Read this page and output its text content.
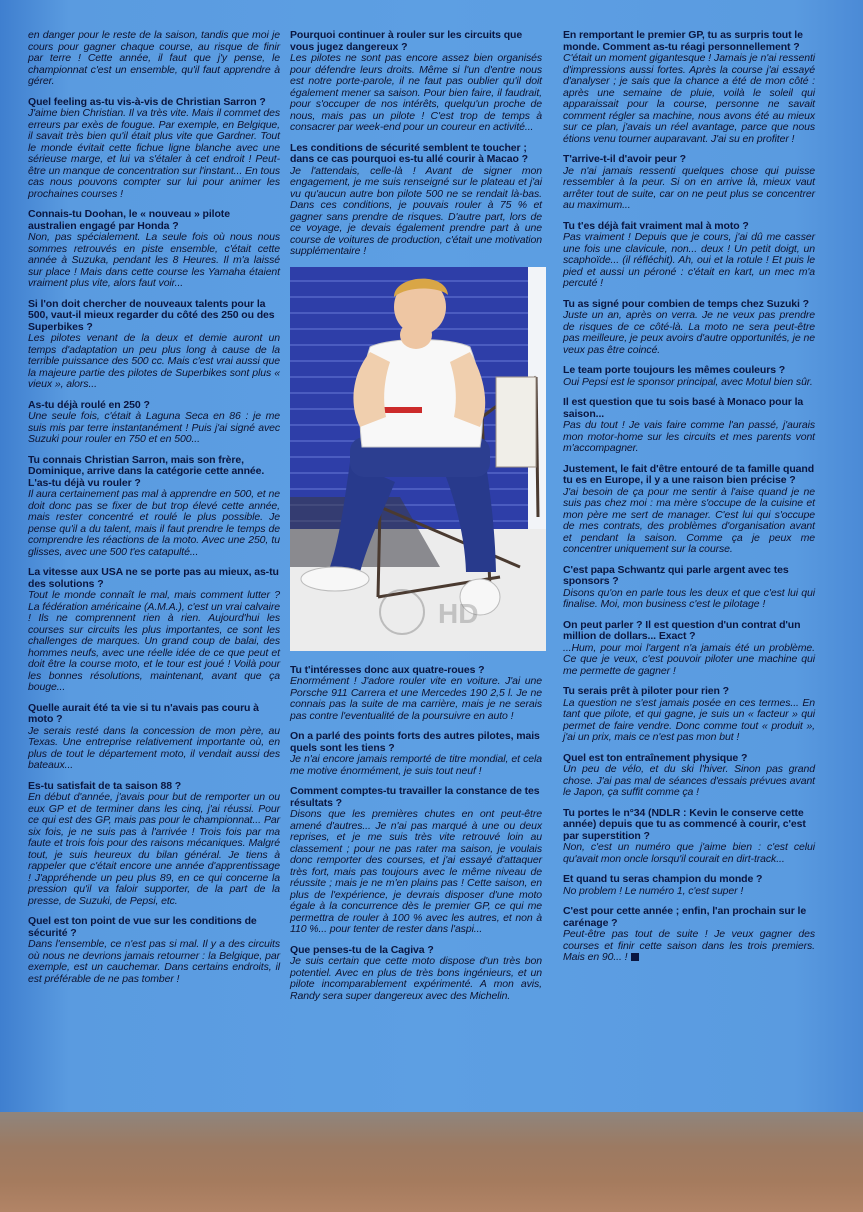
en danger pour le reste de la saison, tandis que moi je cours pour gagner chaque course, au risque de finir par terre ! Cette année, il faut que j'y pense, le championnat c'est un ensemble, qu'il faut apprendre à gérer.

Quel feeling as-tu vis-à-vis de Christian Sarron ?

J'aime bien Christian. Il va très vite. Mais il commet des erreurs par exès de fougue. Par exemple, en Belgique, il savait très bien qu'il était plus vite que Gardner. Tout le monde évitait cette fichue ligne blanche avec une sérieuse marge, et lui va s'étaler à cet endroit ! Peut-être un manque de concentration sur l'instant... En tous cas nous pouvons compter sur lui pour animer les prochaines courses !

Connais-tu Doohan, le « nouveau » pilote australien engagé par Honda ?

Non, pas spécialement. La seule fois où nous nous sommes retrouvés en piste ensemble, c'était cette année à Suzuka, pendant les 8 Heures. Il m'a laissé sur place ! Mais dans cette course les Yamaha étaient vraiment plus vite, alors faut voir...

Si l'on doit chercher de nouveaux talents pour la 500, vaut-il mieux regarder du côté des 250 ou des Superbikes ?

Les pilotes venant de la deux et demie auront un temps d'adaptation un peu plus long à cause de la terrible puissance des 500 cc. Mais c'est vrai aussi que la majeure partie des pilotes de Superbikes sont plus « vieux », alors...

As-tu déjà roulé en 250 ?

Une seule fois, c'était à Laguna Seca en 86 : je me suis mis par terre instantanément ! Puis j'ai signé avec Suzuki pour rouler en 750 et en 500...

Tu connais Christian Sarron, mais son frère, Dominique, arrive dans la catégorie cette année. L'as-tu déjà vu rouler ?

Il aura certainement pas mal à apprendre en 500, et ne doit donc pas se fixer de but trop élevé cette année, mais rester concentré et roulé le plus possible. Je pense qu'il a du talent, mais il faut prendre le temps de comprendre les réactions de la moto. Avec une 250, tu glisses, avec une 500 t'es catapulté...

La vitesse aux USA ne se porte pas au mieux, as-tu des solutions ?

Tout le monde connaît le mal, mais comment lutter ? La fédération américaine (A.M.A.), c'est un vrai calvaire ! Ils ne comprennent rien à rien. Aujourd'hui les courses sur circuits les plus importantes, ce sont les challenges de marques. Un grand coup de balai, des hommes neufs, avec une réelle idée de ce que peut et doit être la course moto, et le tour est joué ! Voilà pour les bonnes résolutions, maintenant, avant que ça bouge...

Quelle aurait été ta vie si tu n'avais pas couru à moto ?

Je serais resté dans la concession de mon père, au Texas. Une entreprise relativement importante où, en plus de tout le département moto, il vendait aussi des bateaux...

Es-tu satisfait de ta saison 88 ?

En début d'année, j'avais pour but de remporter un ou eux GP et de terminer dans les cinq, j'ai réussi. Pour ce qui est des GP, mais pas pour le championnat... Par six fois, je ne suis pas à l'arrivée ! Trois fois par ma faute et trois fois pour des raisons mécaniques. Malgré tout, je suis heureux du bilan général. Je tiens à rappeler que c'était encore une année d'apprentissage ! J'appréhende un peu plus 89, en ce qui concerne la pression qu'il va faloir supporter, de la part de la presse, de Suzuki, de Pepsi, etc.

Quel est ton point de vue sur les conditions de sécurité ?

Dans l'ensemble, ce n'est pas si mal. Il y a des circuits où nous ne devrions jamais retourner : la Belgique, par exemple, est un cauchemar. Dans certains endroits, il est préférable de ne pas tomber !

Pourquoi continuer à rouler sur les circuits que vous jugez dangereux ?

Les pilotes ne sont pas encore assez bien organisés pour défendre leurs droits. Même si l'un d'entre nous est notre porte-parole, il ne faut pas oublier qu'il doit également mener sa saison. Pour bien faire, il faudrait, pour s'occuper de nos intérêts, quelqu'un proche de nous, mais pas un pilote ! C'est trop de temps à consacrer par week-end pour un coureur en activité...

Les conditions de sécurité semblent te toucher ; dans ce cas pourquoi es-tu allé courir à Macao ?

Je l'attendais, celle-là ! Avant de signer mon engagement, je me suis renseigné sur le plateau et j'ai vu qu'aucun autre bon pilote 500 ne se rendait là-bas. Dans ces conditions, je pouvais rouler à 75 % et gagner sans prendre de risques. D'autre part, lors de ce voyage, je devais également prendre part à une course de voitures de production, c'était une motivation supplémentaire !

HD

Tu t'intéresses donc aux quatre-roues ?

Enormément ! J'adore rouler vite en voiture. J'ai une Porsche 911 Carrera et une Mercedes 190 2,5 l. Je ne connais pas la suite de ma carrière, mais je ne serais pas contre l'eventualité de la poursuivre en auto !

On a parlé des points forts des autres pilotes, mais quels sont les tiens ?

Je n'ai encore jamais remporté de titre mondial, et cela me motive énormément, je suis tout neuf !

Comment comptes-tu travailler la constance de tes résultats ?

Disons que les premières chutes en ont peut-être amené d'autres... Je n'ai pas marqué à une ou deux reprises, et je me suis très vite retrouvé loin au classement ; pour ne pas rater ma saison, je voulais donc remporter des courses, et j'ai essayé d'attaquer très fort, mais pas toujours avec le même niveau de réussite ; mais je ne m'en plains pas ! Cette saison, en plus de l'expérience, je devrais disposer d'une moto égale à la concurrence dès le premier GP, ce qui me permettra de rouler à 100 % avec les autres, et non à 110 %... pour tenter de rester dans l'aspi...

Que penses-tu de la Cagiva ?

Je suis certain que cette moto dispose d'un très bon potentiel. Avec en plus de très bons ingénieurs, et un pilote incomparablement expérimenté. A mon avis, Randy sera super dangereux avec des Michelin.

En remportant le premier GP, tu as surpris tout le monde. Comment as-tu réagi personnellement ?

C'était un moment gigantesque ! Jamais je n'ai ressenti d'impressions aussi fortes. Après la course j'ai essayé d'analyser ; je sais que la chance a été de mon côté : après une semaine de pluie, voilà le soleil qui apparaissait pour la course, personne ne savait comment régler sa machine, nous avons été au mieux sur ce plan, j'avais un réel avantage, parce que nous étions venu tourner auparavant. J'ai su en profiter !

T'arrive-t-il d'avoir peur ?

Je n'ai jamais ressenti quelques chose qui puisse ressembler à la peur. Si on en arrive là, mieux vaut arrêter tout de suite, car on ne peut plus se concentrer au maximum...

Tu t'es déjà fait vraiment mal à moto ?

Pas vraiment ! Depuis que je cours, j'ai dû me casser une fois une clavicule, non... deux ! Un petit doigt, un scaphoïde... (il réfléchit). Ah, oui et la rotule ! Et puis le pied et aussi un péroné : c'était en kart, un mec m'a percuté !

Tu as signé pour combien de temps chez Suzuki ?

Juste un an, après on verra. Je ne veux pas prendre de risques de ce côté-là. La moto ne sera peut-être pas meilleure, je peux avoirs d'autre opportunités, je ne veux pas être coincé.

Le team porte toujours les mêmes couleurs ?

Oui Pepsi est le sponsor principal, avec Motul bien sûr.

Il est question que tu sois basé à Monaco pour la saison...

Pas du tout ! Je vais faire comme l'an passé, j'aurais mon motor-home sur les circuits et mes parents vont m'accompagner.

Justement, le fait d'être entouré de ta famille quand tu es en Europe, il y a une raison bien précise ?

J'ai besoin de ça pour me sentir à l'aise quand je ne suis pas chez moi : ma mère s'occupe de la cuisine et mon père me sert de manager. C'est lui qui s'occupe de mes contrats, des problèmes d'organisation avant et pendant la saison. Comme ça je peux me concentrer uniquement sur la course.

C'est papa Schwantz qui parle argent avec tes sponsors ?

Disons qu'on en parle tous les deux et que c'est lui qui finalise. Moi, mon business c'est le pilotage !

On peut parler ? Il est question d'un contrat d'un million de dollars... Exact ?

...Hum, pour moi l'argent n'a jamais été un problème. Ce que je veux, c'est pouvoir piloter une machine qui me permette de gagner !

Tu serais prêt à piloter pour rien ?

La question ne s'est jamais posée en ces termes... En tant que pilote, et qui gagne, je suis un « facteur » qui permet de faire vendre. Donc comme tout « produit », j'ai un prix, mais ce n'est pas mon but !

Quel est ton entraînement physique ?

Un peu de vélo, et du ski l'hiver. Sinon pas grand chose. J'ai pas mal de séances d'essais prévues avant le Japon, ça suffit comme ça !

Tu portes le n°34 (NDLR : Kevin le conserve cette année) depuis que tu as commencé à courir, c'est par superstition ?

Non, c'est un numéro que j'aime bien : c'est celui qu'avait mon oncle lorsqu'il courait en dirt-track...

Et quand tu seras champion du monde ?

No problem ! Le numéro 1, c'est super !

C'est pour cette année ; enfin, l'an prochain sur le carénage ?

Peut-être pas tout de suite ! Je veux gagner des courses et finir cette saison dans les trois premiers. Mais en 90... !
